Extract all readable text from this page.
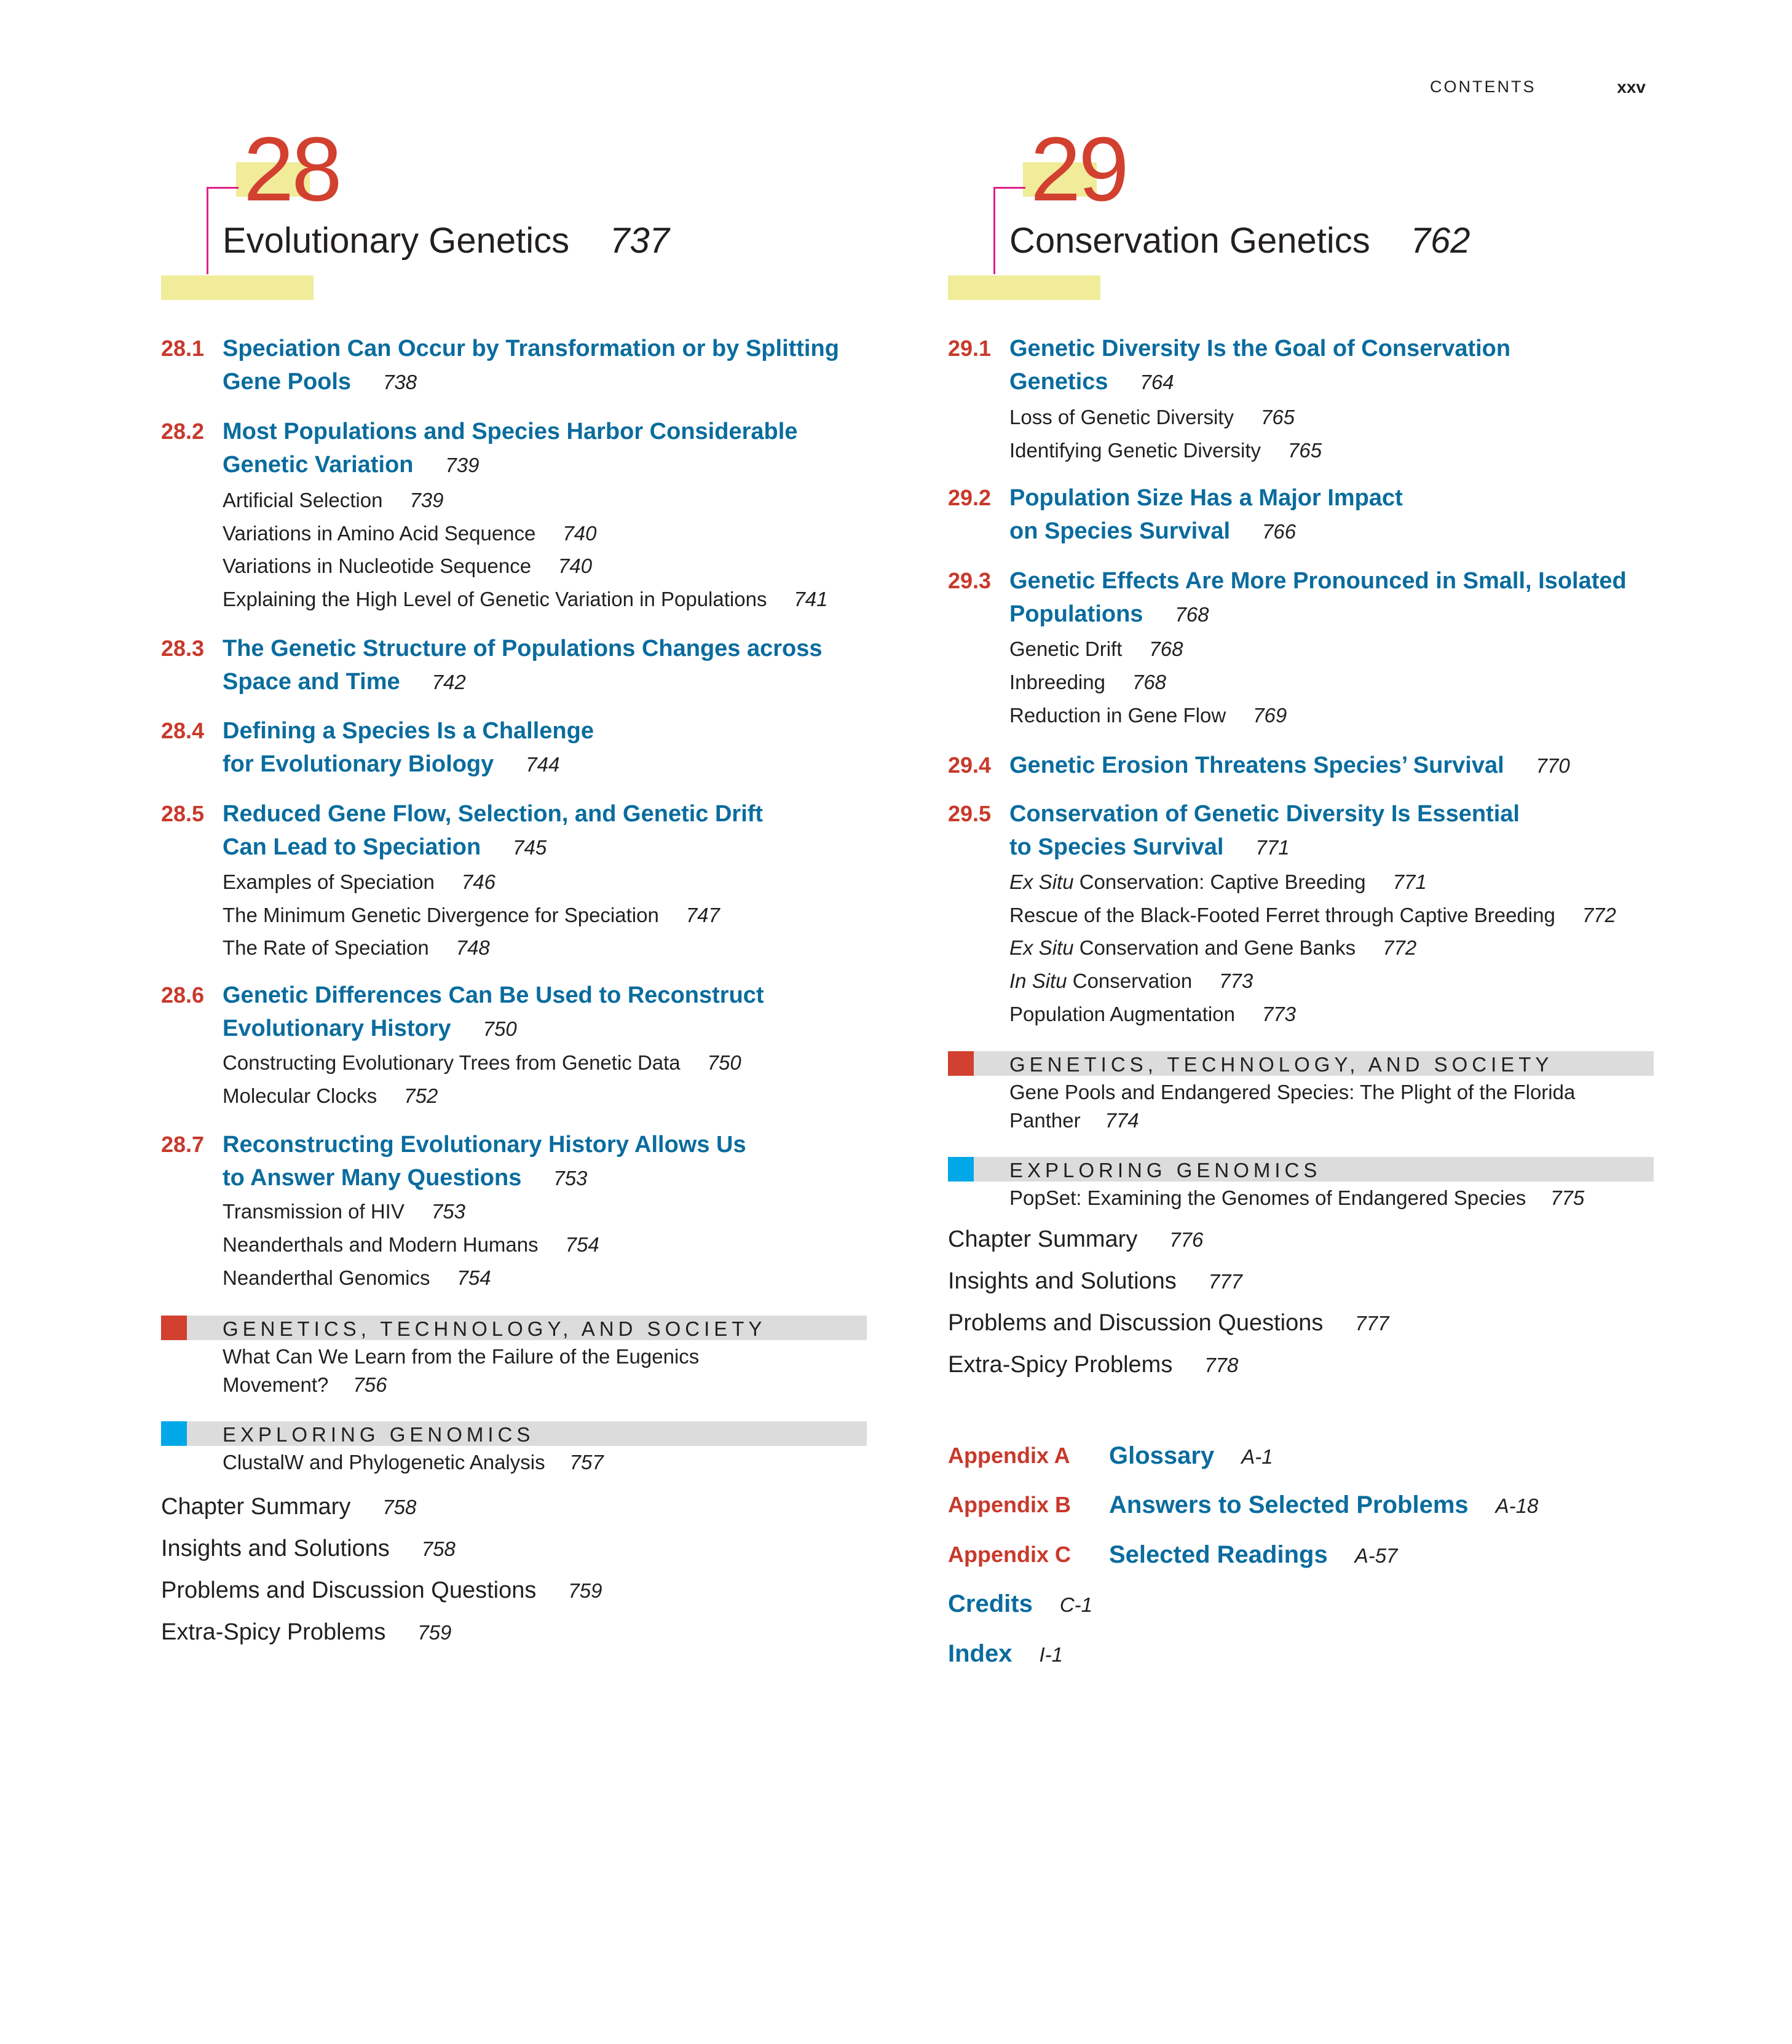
CONTENTS	xxv
28
Evolutionary Genetics 737
28.1 Speciation Can Occur by Transformation or by Splitting
Gene Pools 738
28.2 Most Populations and Species Harbor Considerable
Genetic Variation 739
Artificial Selection 739
Variations in Amino Acid Sequence 740
Variations in Nucleotide Sequence 740
Explaining the High Level of Genetic Variation in Populations 741
28.3 The Genetic Structure of Populations Changes across
Space and Time 742
28.4 Defining a Species Is a Challenge
for Evolutionary Biology 744
28.5 Reduced Gene Flow, Selection, and Genetic Drift
Can Lead to Speciation 745
Examples of Speciation 746
The Minimum Genetic Divergence for Speciation 747
The Rate of Speciation 748
28.6 Genetic Differences Can Be Used to Reconstruct
Evolutionary History 750
Constructing Evolutionary Trees from Genetic Data 750
Molecular Clocks 752
28.7 Reconstructing Evolutionary History Allows Us
to Answer Many Questions 753
Transmission of HIV 753
Neanderthals and Modern Humans 754
Neanderthal Genomics 754
GENETICS, TECHNOLOGY, AND SOCIETY
What Can We Learn from the Failure of the Eugenics
Movement? 756
EXPLORING GENOMICS
ClustalW and Phylogenetic Analysis 757
Chapter Summary 758
Insights and Solutions 758
Problems and Discussion Questions 759
Extra-Spicy Problems 759
29
Conservation Genetics 762
29.1 Genetic Diversity Is the Goal of Conservation
Genetics 764
Loss of Genetic Diversity 765
Identifying Genetic Diversity 765
29.2 Population Size Has a Major Impact
on Species Survival 766
29.3 Genetic Effects Are More Pronounced in Small, Isolated
Populations 768
Genetic Drift 768
Inbreeding 768
Reduction in Gene Flow 769
29.4 Genetic Erosion Threatens Species’ Survival 770
29.5 Conservation of Genetic Diversity Is Essential
to Species Survival 771
Ex Situ Conservation: Captive Breeding 771
Rescue of the Black-Footed Ferret through Captive Breeding 772
Ex Situ Conservation and Gene Banks 772
In Situ Conservation 773
Population Augmentation 773
GENETICS, TECHNOLOGY, AND SOCIETY
Gene Pools and Endangered Species: The Plight of the Florida
Panther 774
EXPLORING GENOMICS
PopSet: Examining the Genomes of Endangered Species 775
Chapter Summary 776
Insights and Solutions 777
Problems and Discussion Questions 777
Extra-Spicy Problems 778
Appendix A Glossary A-1
Appendix B Answers to Selected Problems A-18
Appendix C Selected Readings A-57
Credits C-1
Index I-1
